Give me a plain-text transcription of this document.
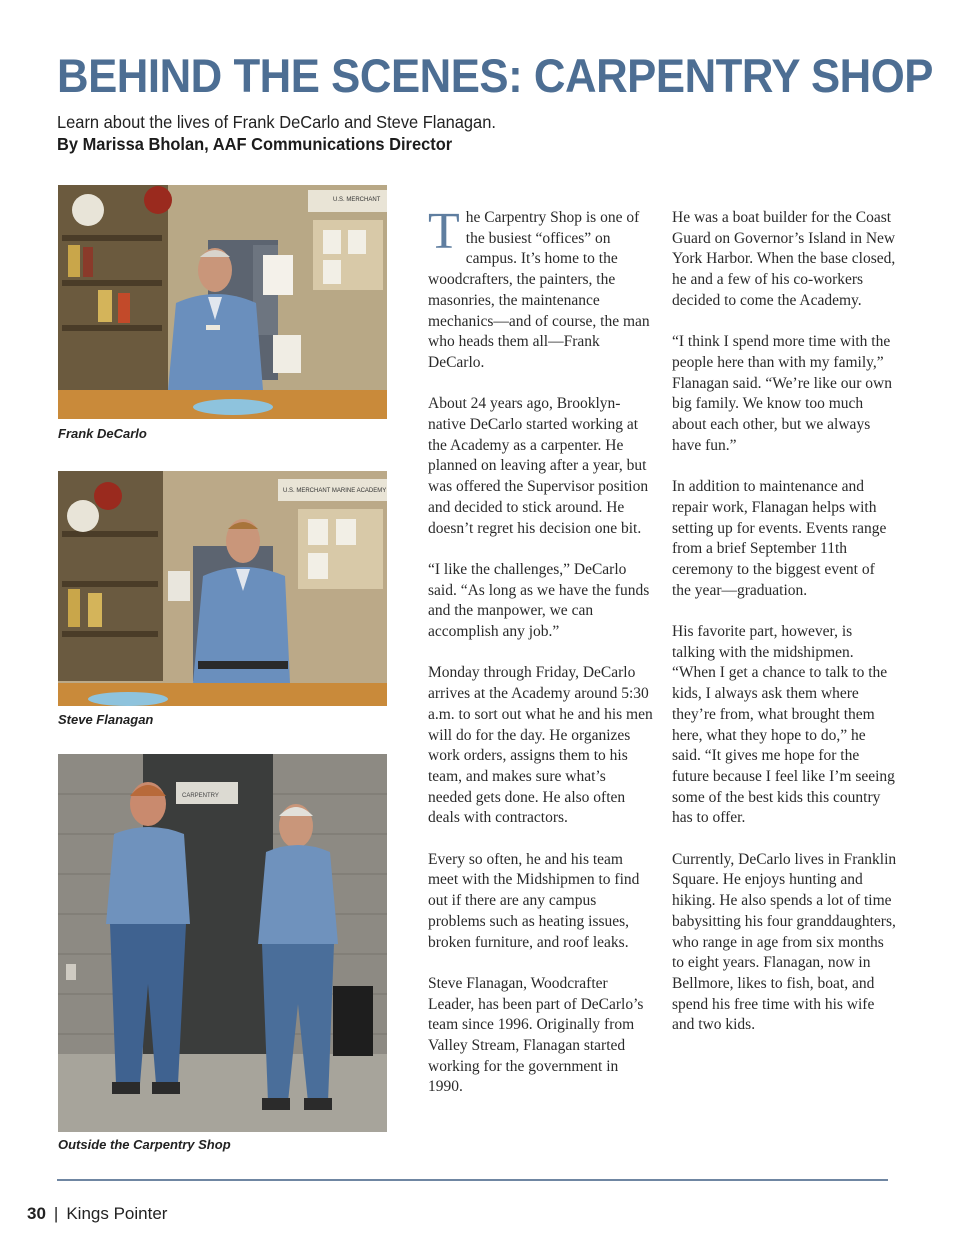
BEHIND THE SCENES: CARPENTRY SHOP

Learn about the lives of Frank DeCarlo and Steve Flanagan.

By Marissa Bholan, AAF Communications Director

U.S. MERCHANT

Frank DeCarlo

U.S. MERCHANT MARINE ACADEMY

Steve Flanagan

CARPENTRY

Outside the Carpentry Shop

The Carpentry Shop is one of the busiest “offices” on campus. It’s home to the woodcrafters, the painters, the masonries, the maintenance mechanics—and of course, the man who heads them all—Frank DeCarlo.

About 24 years ago, Brooklyn-native DeCarlo started working at the Academy as a carpenter. He planned on leaving after a year, but was offered the Supervisor position and decided to stick around. He doesn’t regret his decision one bit.

“I like the challenges,” DeCarlo said. “As long as we have the funds and the manpower, we can accomplish any job.”

Monday through Friday, DeCarlo arrives at the Academy around 5:30 a.m. to sort out what he and his men will do for the day. He organizes work orders, assigns them to his team, and makes sure what’s needed gets done. He also often deals with contractors.

Every so often, he and his team meet with the Midshipmen to find out if there are any campus problems such as heating issues, broken furniture, and roof leaks.

Steve Flanagan, Woodcrafter Leader, has been part of DeCarlo’s team since 1996. Originally from Valley Stream, Flanagan started working for the government in 1990.

He was a boat builder for the Coast Guard on Governor’s Island in New York Harbor. When the base closed, he and a few of his co-workers decided to come the Academy.

“I think I spend more time with the people here than with my family,” Flanagan said. “We’re like our own big family. We know too much about each other, but we always have fun.”

In addition to maintenance and repair work, Flanagan helps with setting up for events. Events range from a brief September 11th ceremony to the biggest event of the year—graduation.

His favorite part, however, is talking with the midshipmen. “When I get a chance to talk to the kids, I always ask them where they’re from, what brought them here, what they hope to do,” he said. “It gives me hope for the future because I feel like I’m seeing some of the best kids this country has to offer.

Currently, DeCarlo lives in Franklin Square. He enjoys hunting and hiking. He also spends a lot of time babysitting his four granddaughters, who range in age from six months to eight years. Flanagan, now in Bellmore, likes to fish, boat, and spend his free time with his wife and two kids.

30 | Kings Pointer
